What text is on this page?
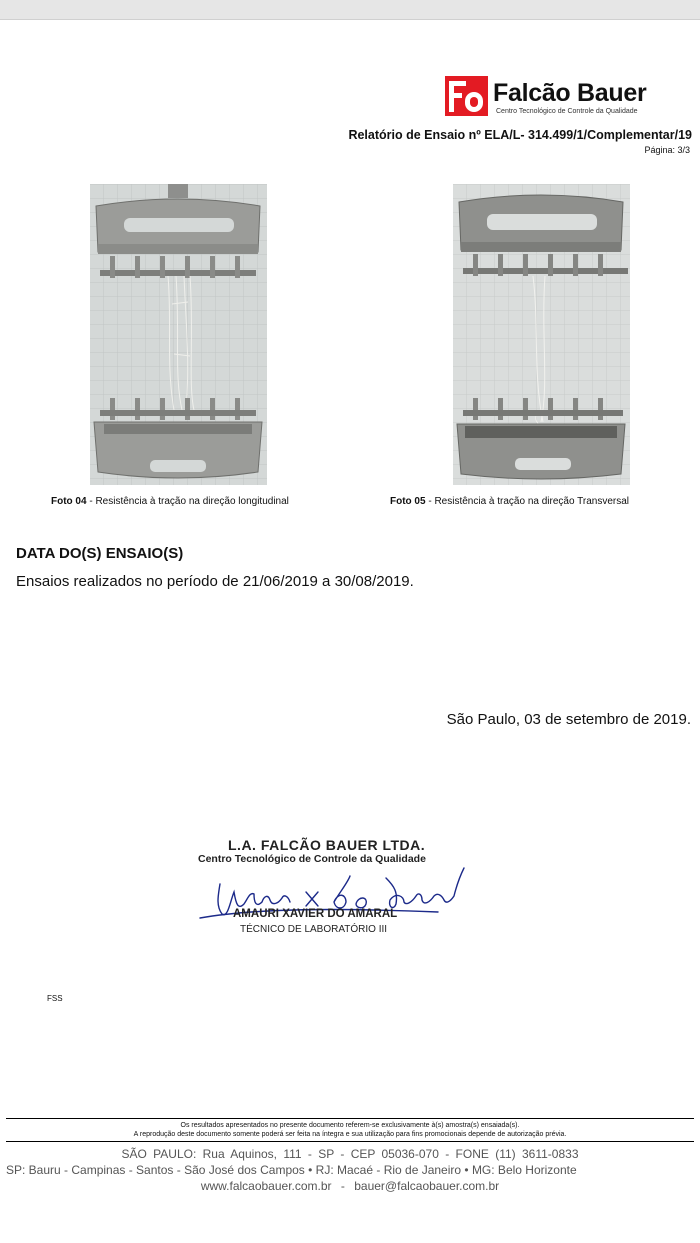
Falcão Bauer
Centro Tecnológico de Controle da Qualidade
Relatório de Ensaio nº ELA/L- 314.499/1/Complementar/19
Página: 3/3
Foto 04 - Resistência à tração na direção longitudinal	Foto 05 - Resistência à tração na direção Transversal
DATA DO(S) ENSAIO(S)
Ensaios realizados no período de 21/06/2019 a 30/08/2019.
São Paulo, 03 de setembro de 2019.
L.A. FALCÃO BAUER LTDA.
Centro Tecnológico de Controle da Qualidade
AMAURI XAVIER DO AMARAL
TÉCNICO DE LABORATÓRIO III
FSS
Os resultados apresentados no presente documento referem-se exclusivamente à(s) amostra(s) ensaiada(s).
A reprodução deste documento somente poderá ser feita na íntegra e sua utilização para fins promocionais depende de autorização prévia.
SÃO PAULO: Rua Aquinos, 111 - SP - CEP 05036-070 - FONE (11) 3611-0833
SP: Bauru - Campinas - Santos - São José dos Campos • RJ: Macaé - Rio de Janeiro • MG: Belo Horizonte
www.falcaobauer.com.br - bauer@falcaobauer.com.br
